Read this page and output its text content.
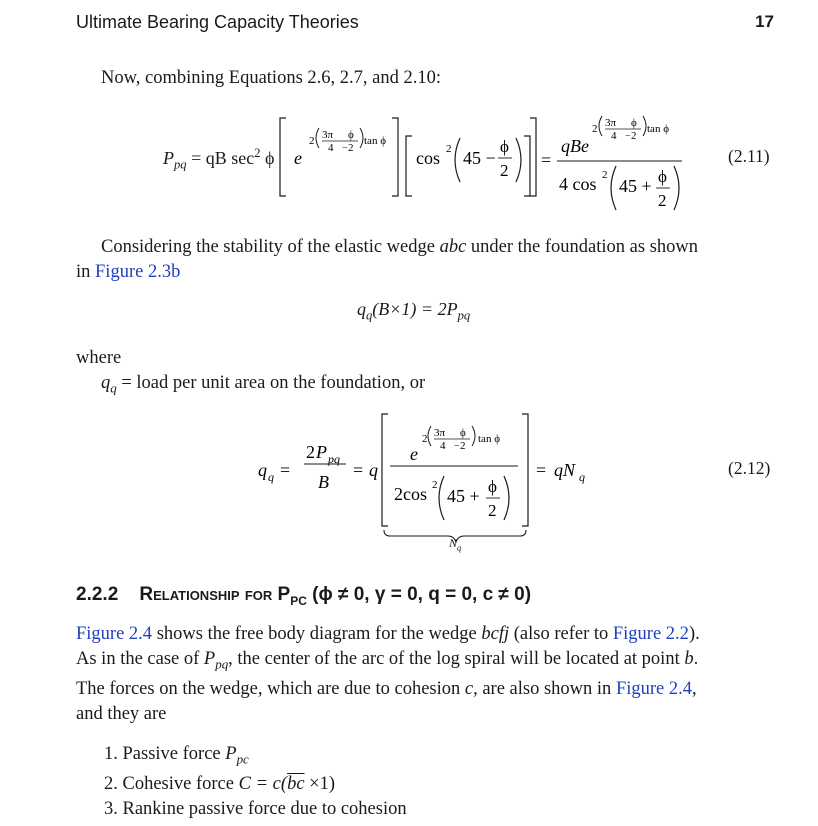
Ultimate Bearing Capacity Theories	17
Now, combining Equations 2.6, 2.7, and 2.10:
$P_{pq}$ = qB $\sec^2 \phi$ e
2 3π ϕ
4 − 2
tan ϕ
cos 2 45 −
ϕ
2
=
qBe
2 3π ϕ
4 − 2
tan ϕ
4 cos 2
45 + ϕ
2
(2.11)
Considering the stability of the elastic wedge abc under the foundation as shown
in Figure 2.3b
$q_q(B\times 1) = 2P_{pq}$
where
$q_q$ = load per unit area on the foundation, or
q q =
2 P pq
B
= q
e
2 3π ϕ
4 − 2
tan ϕ
2cos 2
45 + ϕ
2
= qN q
$N_q$
(2.12)
2.2.2 Relationship for $P_{PC}$ (ϕ ≠ 0, γ = 0, q = 0, c ≠ 0)
Figure 2.4 shows the free body diagram for the wedge bcfj (also refer to Figure 2.2).
As in the case of $P_{pq}$, the center of the arc of the log spiral will be located at point b.
The forces on the wedge, which are due to cohesion c, are also shown in Figure 2.4,
and they are
1. Passive force $P_{pc}$
2. Cohesive force $C = c(\overline{bc} \times 1)$
3. Rankine passive force due to cohesion
